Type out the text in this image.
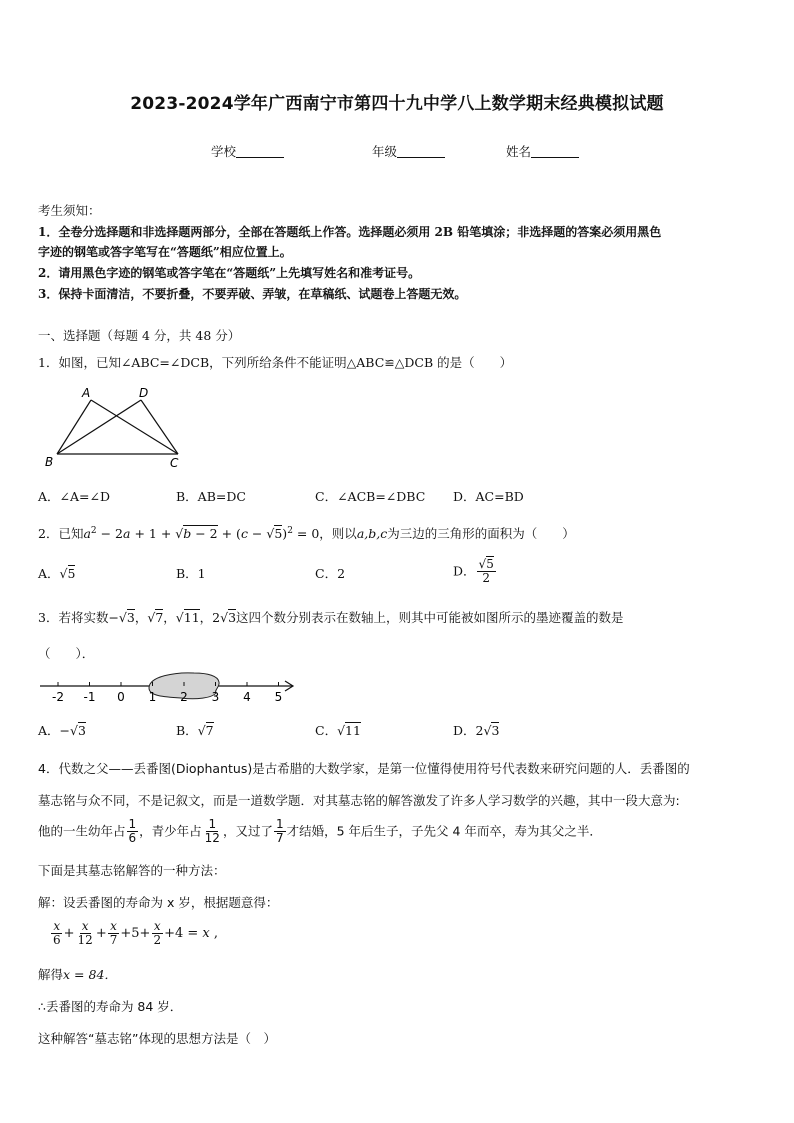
2023-2024学年广西南宁市第四十九中学八上数学期末经典模拟试题
学校	年级	姓名
考生须知：
1．全卷分选择题和非选择题两部分，全部在答题纸上作答。选择题必须用 2B 铅笔填涂；非选择题的答案必须用黑色
字迹的钢笔或答字笔写在“答题纸”相应位置上。
2．请用黑色字迹的钢笔或答字笔在“答题纸”上先填写姓名和准考证号。
3．保持卡面清洁，不要折叠，不要弄破、弄皱，在草稿纸、试题卷上答题无效。
一、选择题（每题 4 分，共 48 分）
1．如图，已知∠ABC=∠DCB，下列所给条件不能证明△ABC≌△DCB 的是（　　）
A	D
B	C
A．∠A=∠D	B．AB=DC	C．∠ACB=∠DBC D．AC=BD
2．已知$a^2 - 2a + 1 + √b - 2 + (c - √5)^2 = 0$，则以a,b,c为三边的三角形的面积为（　　）
A．√5	B．1	C．2	D． $\frac{√5}{2}$
3．若将实数−√3，√7，√11，2√3这四个数分别表示在数轴上，则其中可能被如图所示的墨迹覆盖的数是
（　　）．
-2 -1 0 1 2 3 4 5
A．−√3	B．√7	C．√11	D．2√3
4．代数之父——丢番图(Diophantus)是古希腊的大数学家，是第一位懂得使用符号代表数来研究问题的人．丢番图的
墓志铭与众不同，不是记叙文，而是一道数学题．对其墓志铭的解答激发了许多人学习数学的兴趣，其中一段大意为:
他的一生幼年占 $\frac{1}{6}$ ，青少年占 $\frac{1}{12}$ ，又过了 $\frac{1}{7}$ 才结婚，5 年后生子，子先父 4 年而卒，寿为其父之半．
下面是其墓志铭解答的一种方法：
解：设丢番图的寿命为 x 岁，根据题意得：
$\frac{x}{6} + \frac{x}{12} + \frac{x}{7} +5+ \frac{x}{2} +4 = x$ ,
解得x = 84．
∴丢番图的寿命为 84 岁．
这种解答“墓志铭”体现的思想方法是（　）
